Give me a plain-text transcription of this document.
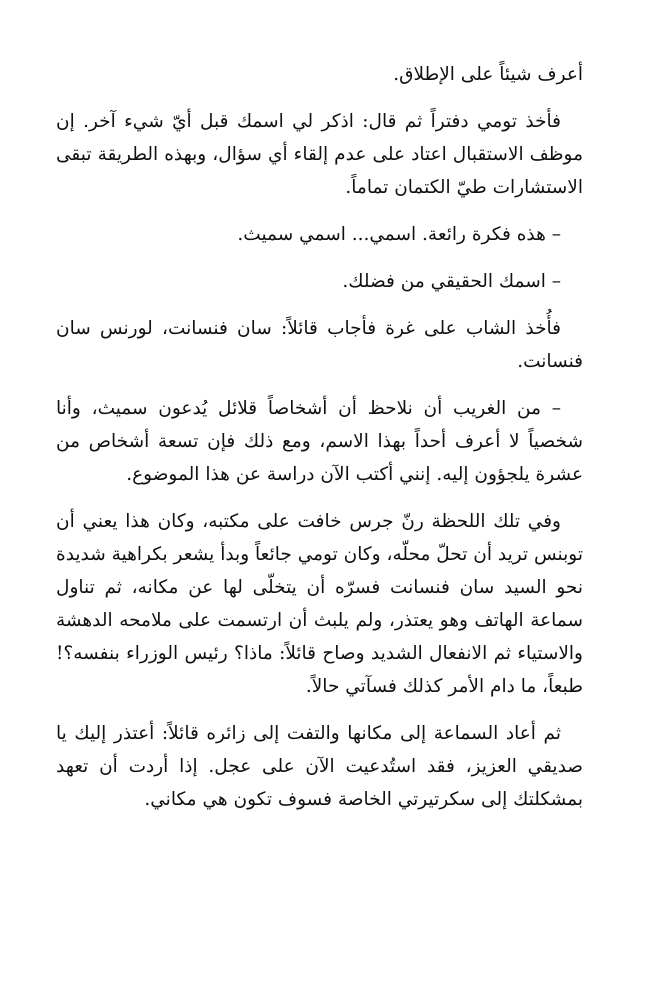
أعرف شيئاً على الإطلاق.

فأخذ تومي دفتراً ثم قال: اذكر لي اسمك قبل أيّ شيء آخر. إن موظف الاستقبال اعتاد على عدم إلقاء أي سؤال، وبهذه الطريقة تبقى الاستشارات طيّ الكتمان تماماً.

– هذه فكرة رائعة. اسمي... اسمي سميث.

– اسمك الحقيقي من فضلك.

فأُخذ الشاب على غرة فأجاب قائلاً: سان فنسانت، لورنس سان فنسانت.

– من الغريب أن نلاحظ أن أشخاصاً قلائل يُدعون سميث، وأنا شخصياً لا أعرف أحداً بهذا الاسم، ومع ذلك فإن تسعة أشخاص من عشرة يلجؤون إليه. إنني أكتب الآن دراسة عن هذا الموضوع.

وفي تلك اللحظة رنّ جرس خافت على مكتبه، وكان هذا يعني أن توبنس تريد أن تحلّ محلّه، وكان تومي جائعاً وبدأ يشعر بكراهية شديدة نحو السيد سان فنسانت فسرّه أن يتخلّى لها عن مكانه، ثم تناول سماعة الهاتف وهو يعتذر، ولم يلبث أن ارتسمت على ملامحه الدهشة والاستياء ثم الانفعال الشديد وصاح قائلاً: ماذا؟ رئيس الوزراء بنفسه؟! طبعاً، ما دام الأمر كذلك فسآتي حالاً.

ثم أعاد السماعة إلى مكانها والتفت إلى زائره قائلاً: أعتذر إليك يا صديقي العزيز، فقد استُدعيت الآن على عجل. إذا أردت أن تعهد بمشكلتك إلى سكرتيرتي الخاصة فسوف تكون هي مكاني.
